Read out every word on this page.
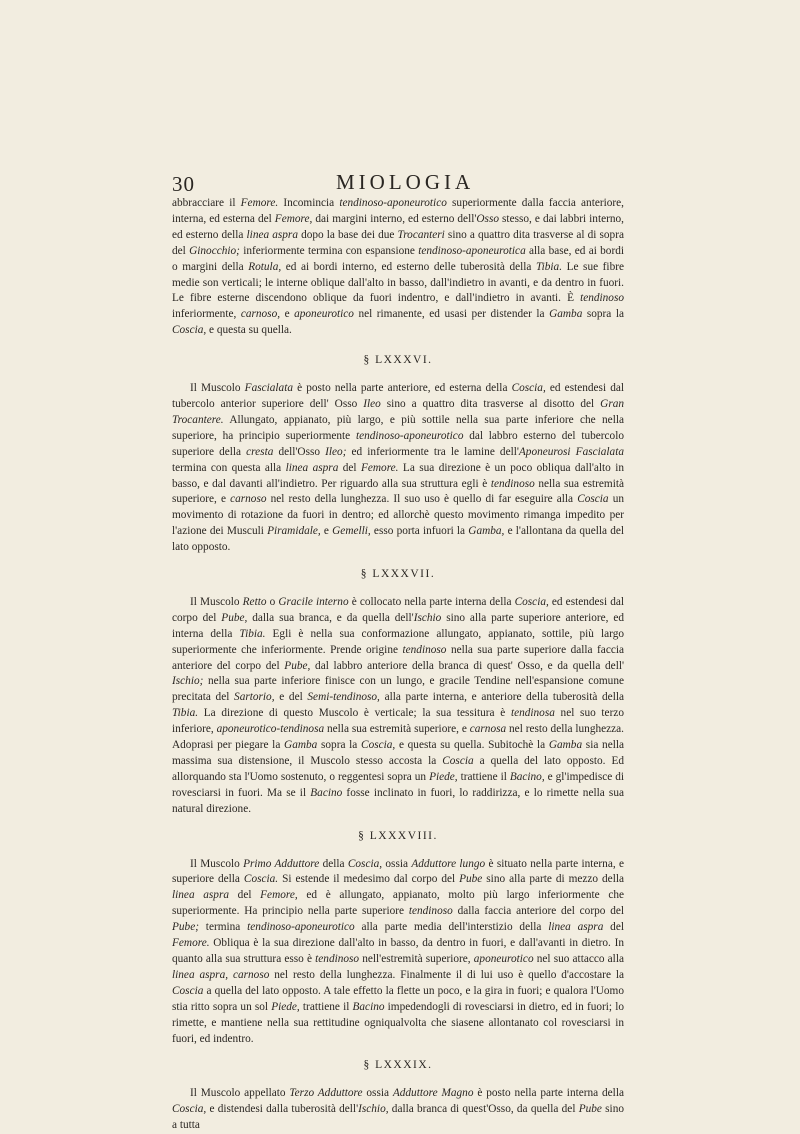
30	MIOLOGIA

abbracciare il Femore. Incomincia tendinoso-aponeurotico superiormente dalla faccia anteriore, interna, ed esterna del Femore, dai margini interno, ed esterno dell'Osso stesso, e dai labbri interno, ed esterno della linea aspra dopo la base dei due Trocanteri sino a quattro dita trasverse al di sopra del Ginocchio; inferiormente termina con espansione tendinoso-aponeurotica alla base, ed ai bordi o margini della Rotula, ed ai bordi interno, ed esterno delle tuberosità della Tibia. Le sue fibre medie son verticali; le interne oblique dall'alto in basso, dall'indietro in avanti, e da dentro in fuori. Le fibre esterne discendono oblique da fuori indentro, e dall'indietro in avanti. È tendinoso inferiormente, carnoso, e aponeurotico nel rimanente, ed usasi per distender la Gamba sopra la Coscia, e questa su quella.

§ LXXXVI.

Il Muscolo Fascialata è posto nella parte anteriore, ed esterna della Coscia, ed estendesi dal tubercolo anterior superiore dell' Osso Ileo sino a quattro dita trasverse al disotto del Gran Trocantere. Allungato, appianato, più largo, e più sottile nella sua parte inferiore che nella superiore, ha principio superiormente tendinoso-aponeurotico dal labbro esterno del tubercolo superiore della cresta dell'Osso Ileo; ed inferiormente tra le lamine dell'Aponeurosi Fascialata termina con questa alla linea aspra del Femore. La sua direzione è un poco obliqua dall'alto in basso, e dal davanti all'indietro. Per riguardo alla sua struttura egli è tendinoso nella sua estremità superiore, e carnoso nel resto della lunghezza. Il suo uso è quello di far eseguire alla Coscia un movimento di rotazione da fuori in dentro; ed allorchè questo movimento rimanga impedito per l'azione dei Musculi Piramidale, e Gemelli, esso porta infuori la Gamba, e l'allontana da quella del lato opposto.

§ LXXXVII.

Il Muscolo Retto o Gracile interno è collocato nella parte interna della Coscia, ed estendesi dal corpo del Pube, dalla sua branca, e da quella dell'Ischio sino alla parte superiore anteriore, ed interna della Tibia. Egli è nella sua conformazione allungato, appianato, sottile, più largo superiormente che inferiormente. Prende origine tendinoso nella sua parte superiore dalla faccia anteriore del corpo del Pube, dal labbro anteriore della branca di quest' Osso, e da quella dell' Ischio; nella sua parte inferiore finisce con un lungo, e gracile Tendine nell'espansione comune precitata del Sartorio, e del Semi-tendinoso, alla parte interna, e anteriore della tuberosità della Tibia. La direzione di questo Muscolo è verticale; la sua tessitura è tendinosa nel suo terzo inferiore, aponeurotico-tendinosa nella sua estremità superiore, e carnosa nel resto della lunghezza. Adoprasi per piegare la Gamba sopra la Coscia, e questa su quella. Subitochè la Gamba sia nella massima sua distensione, il Muscolo stesso accosta la Coscia a quella del lato opposto. Ed allorquando sta l'Uomo sostenuto, o reggentesi sopra un Piede, trattiene il Bacino, e gl'impedisce di rovesciarsi in fuori. Ma se il Bacino fosse inclinato in fuori, lo raddirizza, e lo rimette nella sua natural direzione.

§ LXXXVIII.

Il Muscolo Primo Adduttore della Coscia, ossia Adduttore lungo è situato nella parte interna, e superiore della Coscia. Si estende il medesimo dal corpo del Pube sino alla parte di mezzo della linea aspra del Femore, ed è allungato, appianato, molto più largo inferiormente che superiormente. Ha principio nella parte superiore tendinoso dalla faccia anteriore del corpo del Pube; termina tendinoso-aponeurotico alla parte media dell'interstizio della linea aspra del Femore. Obliqua è la sua direzione dall'alto in basso, da dentro in fuori, e dall'avanti in dietro. In quanto alla sua struttura esso è tendinoso nell'estremità superiore, aponeurotico nel suo attacco alla linea aspra, carnoso nel resto della lunghezza. Finalmente il di lui uso è quello d'accostare la Coscia a quella del lato opposto. A tale effetto la flette un poco, e la gira in fuori; e qualora l'Uomo stia ritto sopra un sol Piede, trattiene il Bacino impedendogli di rovesciarsi in dietro, ed in fuori; lo rimette, e mantiene nella sua rettitudine ogniqualvolta che siasene allontanato col rovesciarsi in fuori, ed indentro.

§ LXXXIX.

Il Muscolo appellato Terzo Adduttore ossia Adduttore Magno è posto nella parte interna della Coscia, e distendesi dalla tuberosità dell'Ischio, dalla branca di quest'Osso, da quella del Pube sino a tutta
